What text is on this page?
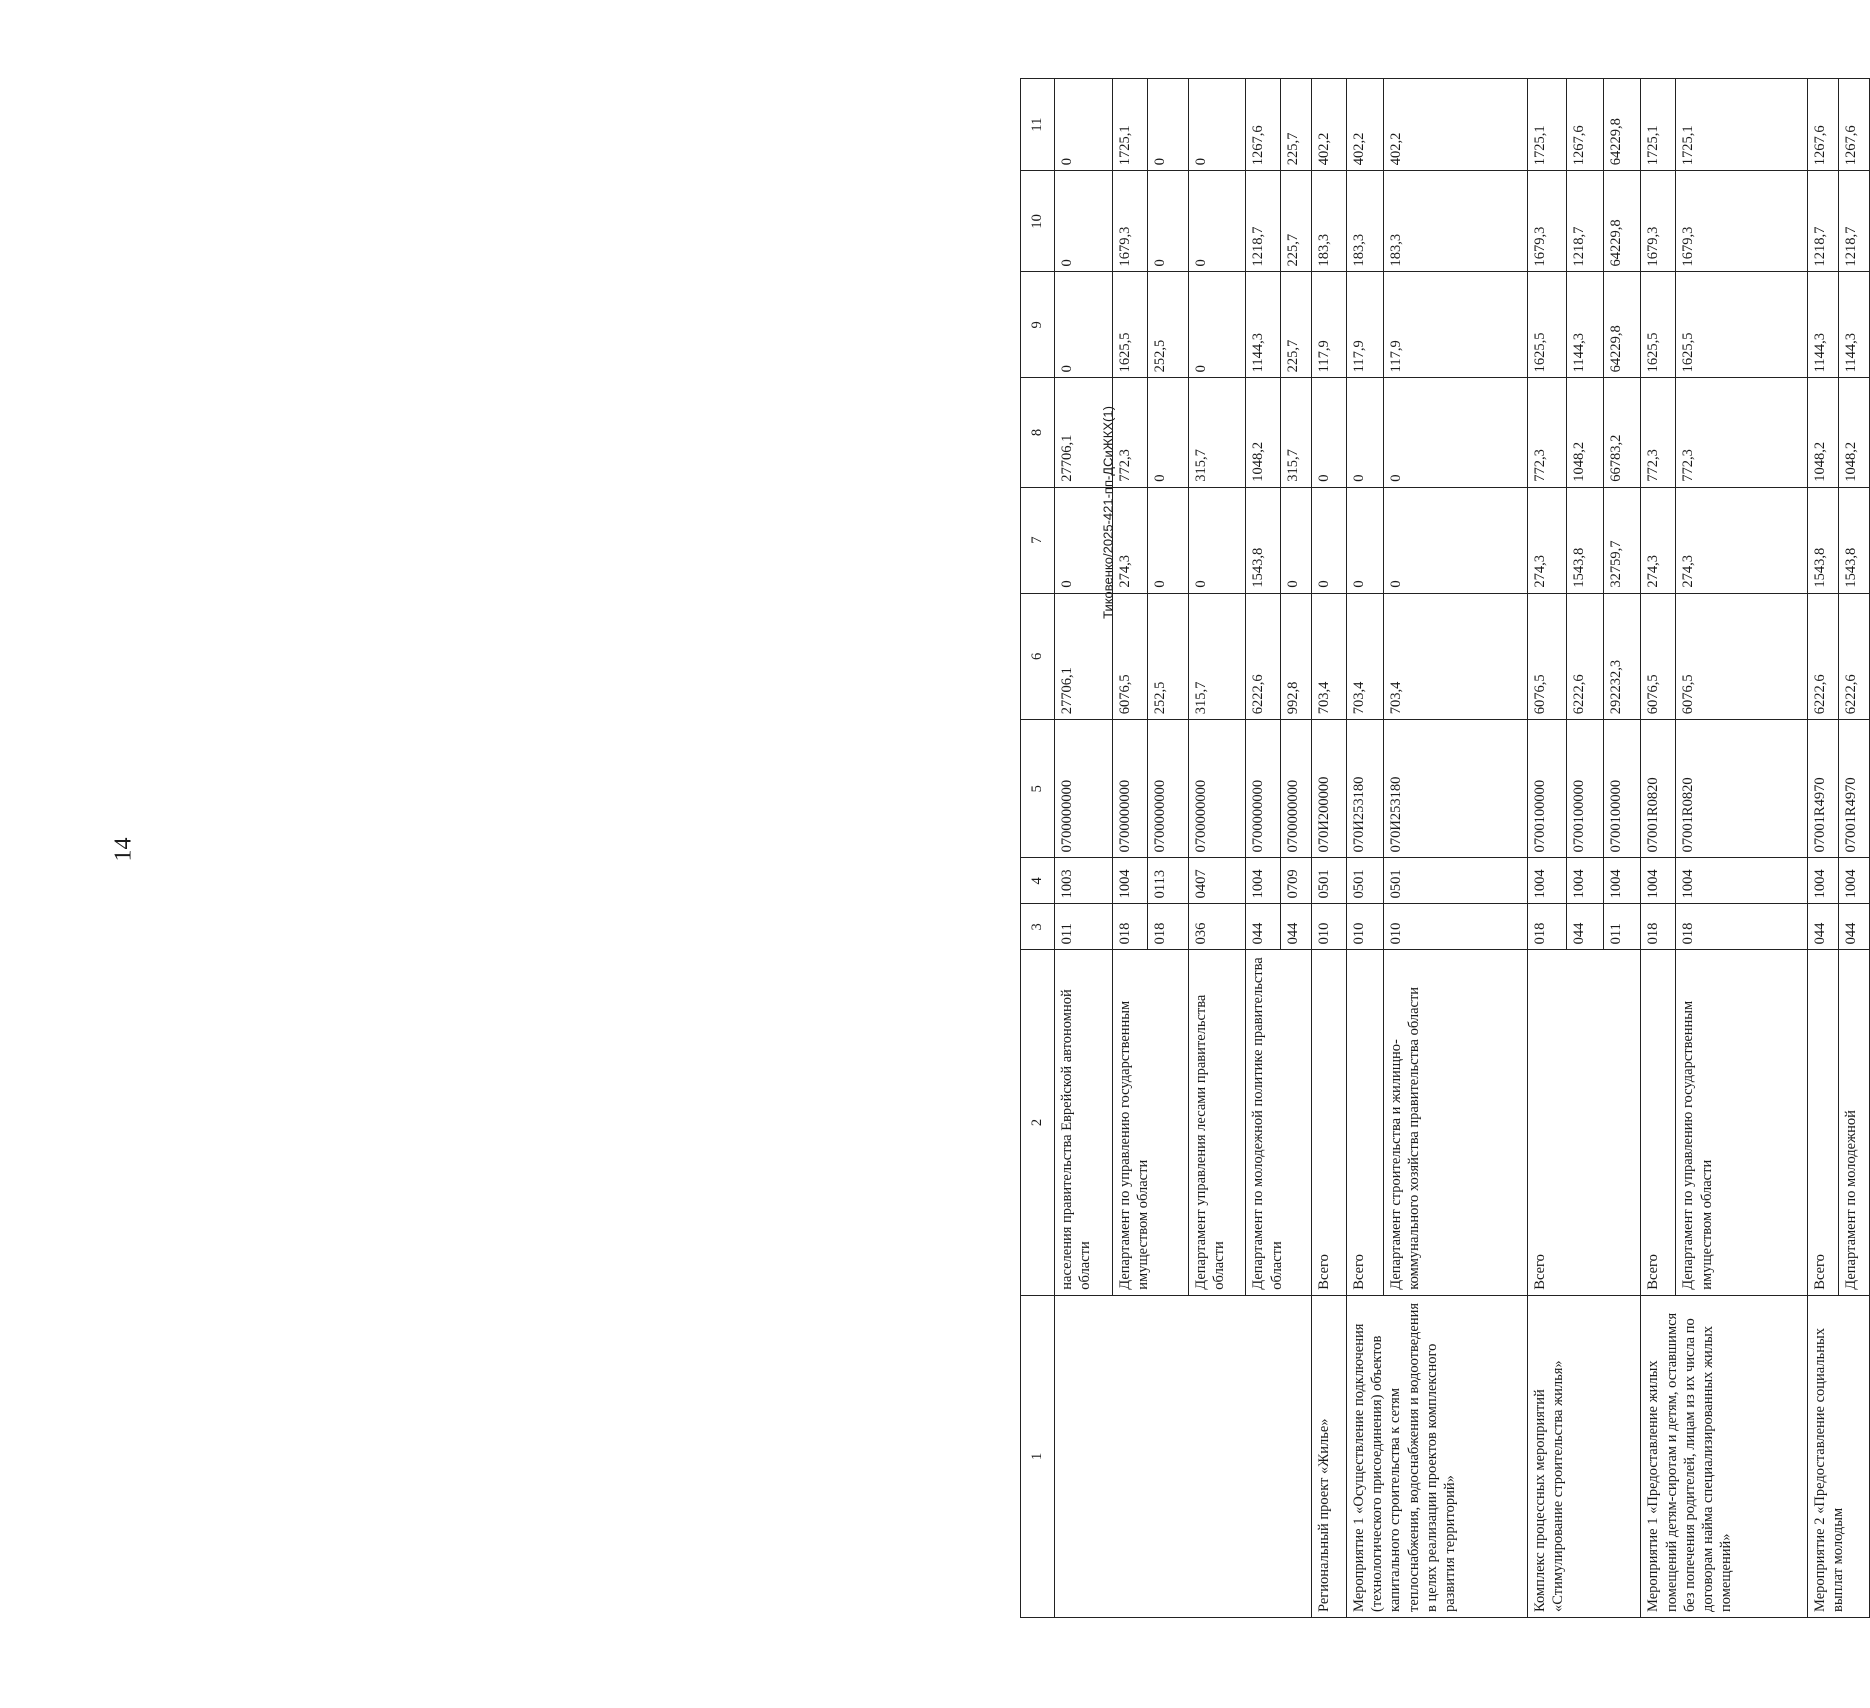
14
Тиковенко/2025-421-пп-ДСиЖКХ(1)
1	2	3	4	5	6	7	8	9	10	11
	населения правительства Еврейской автономной области	011	1003	0700000000	27706,1	0	27706,1	0	0	0
	Департамент по управлению государственным имуществом области	018	1004	0700000000	6076,5	274,3	772,3	1625,5	1679,3	1725,1
		018	0113	0700000000	252,5	0	0	252,5	0	0
	Департамент управления лесами правительства области	036	0407	0700000000	315,7	0	315,7	0	0	0
	Департамент по молодежной политике правительства области	044	1004	0700000000	6222,6	1543,8	1048,2	1144,3	1218,7	1267,6
		044	0709	0700000000	992,8	0	315,7	225,7	225,7	225,7
Региональный проект «Жилье»	Всего	010	0501	070И200000	703,4	0	0	117,9	183,3	402,2
Мероприятие 1 «Осуществление подключения (технологического присоединения) объектов капитального строительства к сетям теплоснабжения, водоснабжения и водоотведения в целях реализации проектов комплексного развития территорий»	Всего	010	0501	070И253180	703,4	0	0	117,9	183,3	402,2
	Департамент строительства и жилищно-коммунального хозяйства правительства области	010	0501	070И253180	703,4	0	0	117,9	183,3	402,2
Комплекс процессных мероприятий «Стимулирование строительства жилья»	Всего	018	1004	0700100000	6076,5	274,3	772,3	1625,5	1679,3	1725,1
		044	1004	0700100000	6222,6	1543,8	1048,2	1144,3	1218,7	1267,6
		011	1004	0700100000	292232,3	32759,7	66783,2	64229,8	64229,8	64229,8
Мероприятие 1 «Предоставление жилых помещений детям-сиротам и детям, оставшимся без попечения родителей, лицам из их числа по договорам найма специализированных жилых помещений»	Всего	018	1004	07001R0820	6076,5	274,3	772,3	1625,5	1679,3	1725,1
	Департамент по управлению государственным имуществом области	018	1004	07001R0820	6076,5	274,3	772,3	1625,5	1679,3	1725,1
Мероприятие 2 «Предоставление социальных выплат молодым	Всего	044	1004	07001R4970	6222,6	1543,8	1048,2	1144,3	1218,7	1267,6
	Департамент по молодежной	044	1004	07001R4970	6222,6	1543,8	1048,2	1144,3	1218,7	1267,6
